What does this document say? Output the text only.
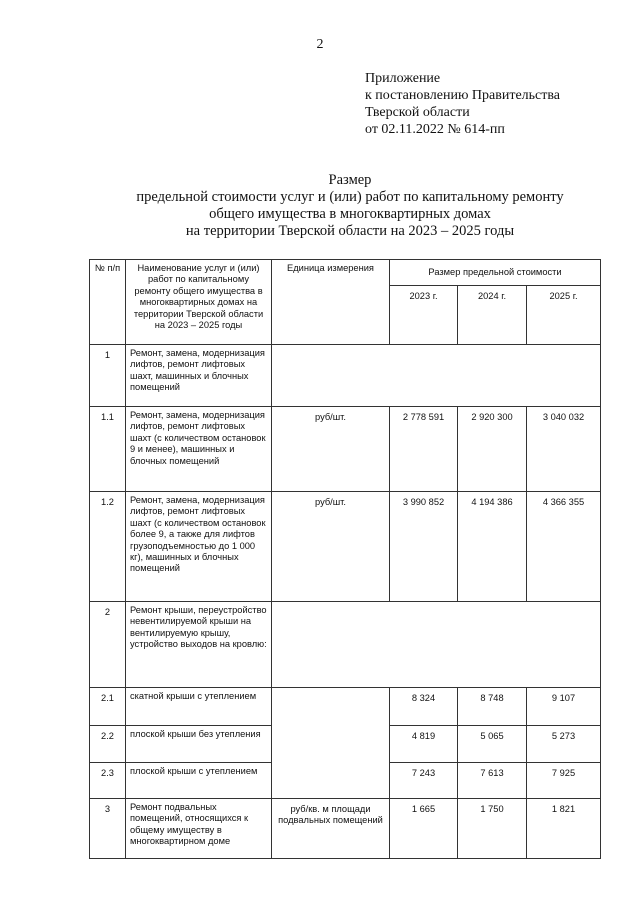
2
Приложение
к постановлению Правительства
Тверской области
от 02.11.2022 № 614-пп
Размер
предельной стоимости услуг и (или) работ по капитальному ремонту
общего имущества в многоквартирных домах
на территории Тверской области на 2023 – 2025 годы
№ п/п	Наименование услуг и (или) работ по капитальному ремонту общего имущества в многоквартирных домах на территории Тверской области на 2023 – 2025 годы	Единица измерения	Размер предельной стоимости		
			2023 г.	2024 г.	2025 г.
1	Ремонт, замена, модернизация лифтов, ремонт лифтовых шахт, машинных и блочных помещений				
1.1	Ремонт, замена, модернизация лифтов, ремонт лифтовых шахт (с количеством остановок 9 и менее), машинных и блочных помещений	руб/шт.	2 778 591	2 920 300	3 040 032
1.2	Ремонт, замена, модернизация лифтов, ремонт лифтовых шахт (с количеством остановок более 9, а также для лифтов грузоподъемностью до 1 000 кг), машинных и блочных помещений	руб/шт.	3 990 852	4 194 386	4 366 355
2	Ремонт крыши, переустройство невентилируемой крыши на вентилируемую крышу, устройство выходов на кровлю:				
2.1	скатной крыши с утеплением		8 324	8 748	9 107
2.2	плоской крыши без утепления		4 819	5 065	5 273
2.3	плоской крыши с утеплением		7 243	7 613	7 925
3	Ремонт подвальных помещений, относящихся к общему имуществу в многоквартирном доме	руб/кв. м площади подвальных помещений	1 665	1 750	1 821
